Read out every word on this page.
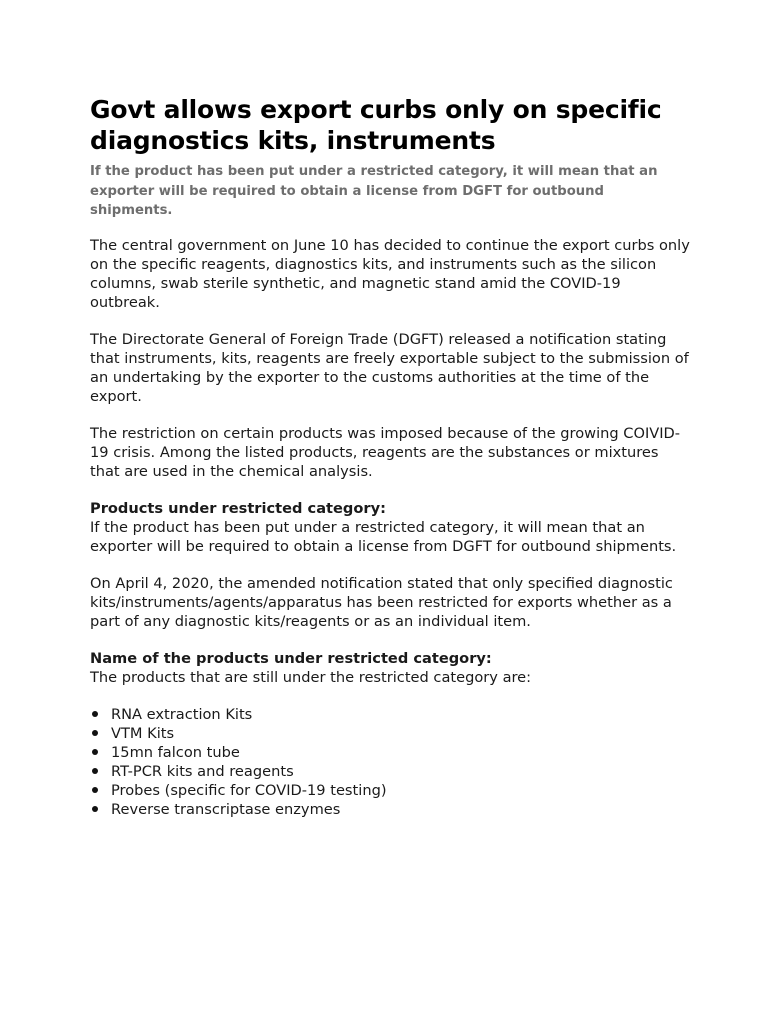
Govt allows export curbs only on specific diagnostics kits, instruments

If the product has been put under a restricted category, it will mean that an exporter will be required to obtain a license from DGFT for outbound shipments.

The central government on June 10 has decided to continue the export curbs only on the specific reagents, diagnostics kits, and instruments such as the silicon columns, swab sterile synthetic, and magnetic stand amid the COVID-19 outbreak.

The Directorate General of Foreign Trade (DGFT) released a notification stating that instruments, kits, reagents are freely exportable subject to the submission of an undertaking by the exporter to the customs authorities at the time of the export.

The restriction on certain products was imposed because of the growing COIVID-19 crisis. Among the listed products, reagents are the substances or mixtures that are used in the chemical analysis.

Products under restricted category:
If the product has been put under a restricted category, it will mean that an exporter will be required to obtain a license from DGFT for outbound shipments.

On April 4, 2020, the amended notification stated that only specified diagnostic kits/instruments/agents/apparatus has been restricted for exports whether as a part of any diagnostic kits/reagents or as an individual item.

Name of the products under restricted category:
The products that are still under the restricted category are:

RNA extraction Kits
VTM Kits
15mn falcon tube
RT-PCR kits and reagents
Probes (specific for COVID-19 testing)
Reverse transcriptase enzymes
